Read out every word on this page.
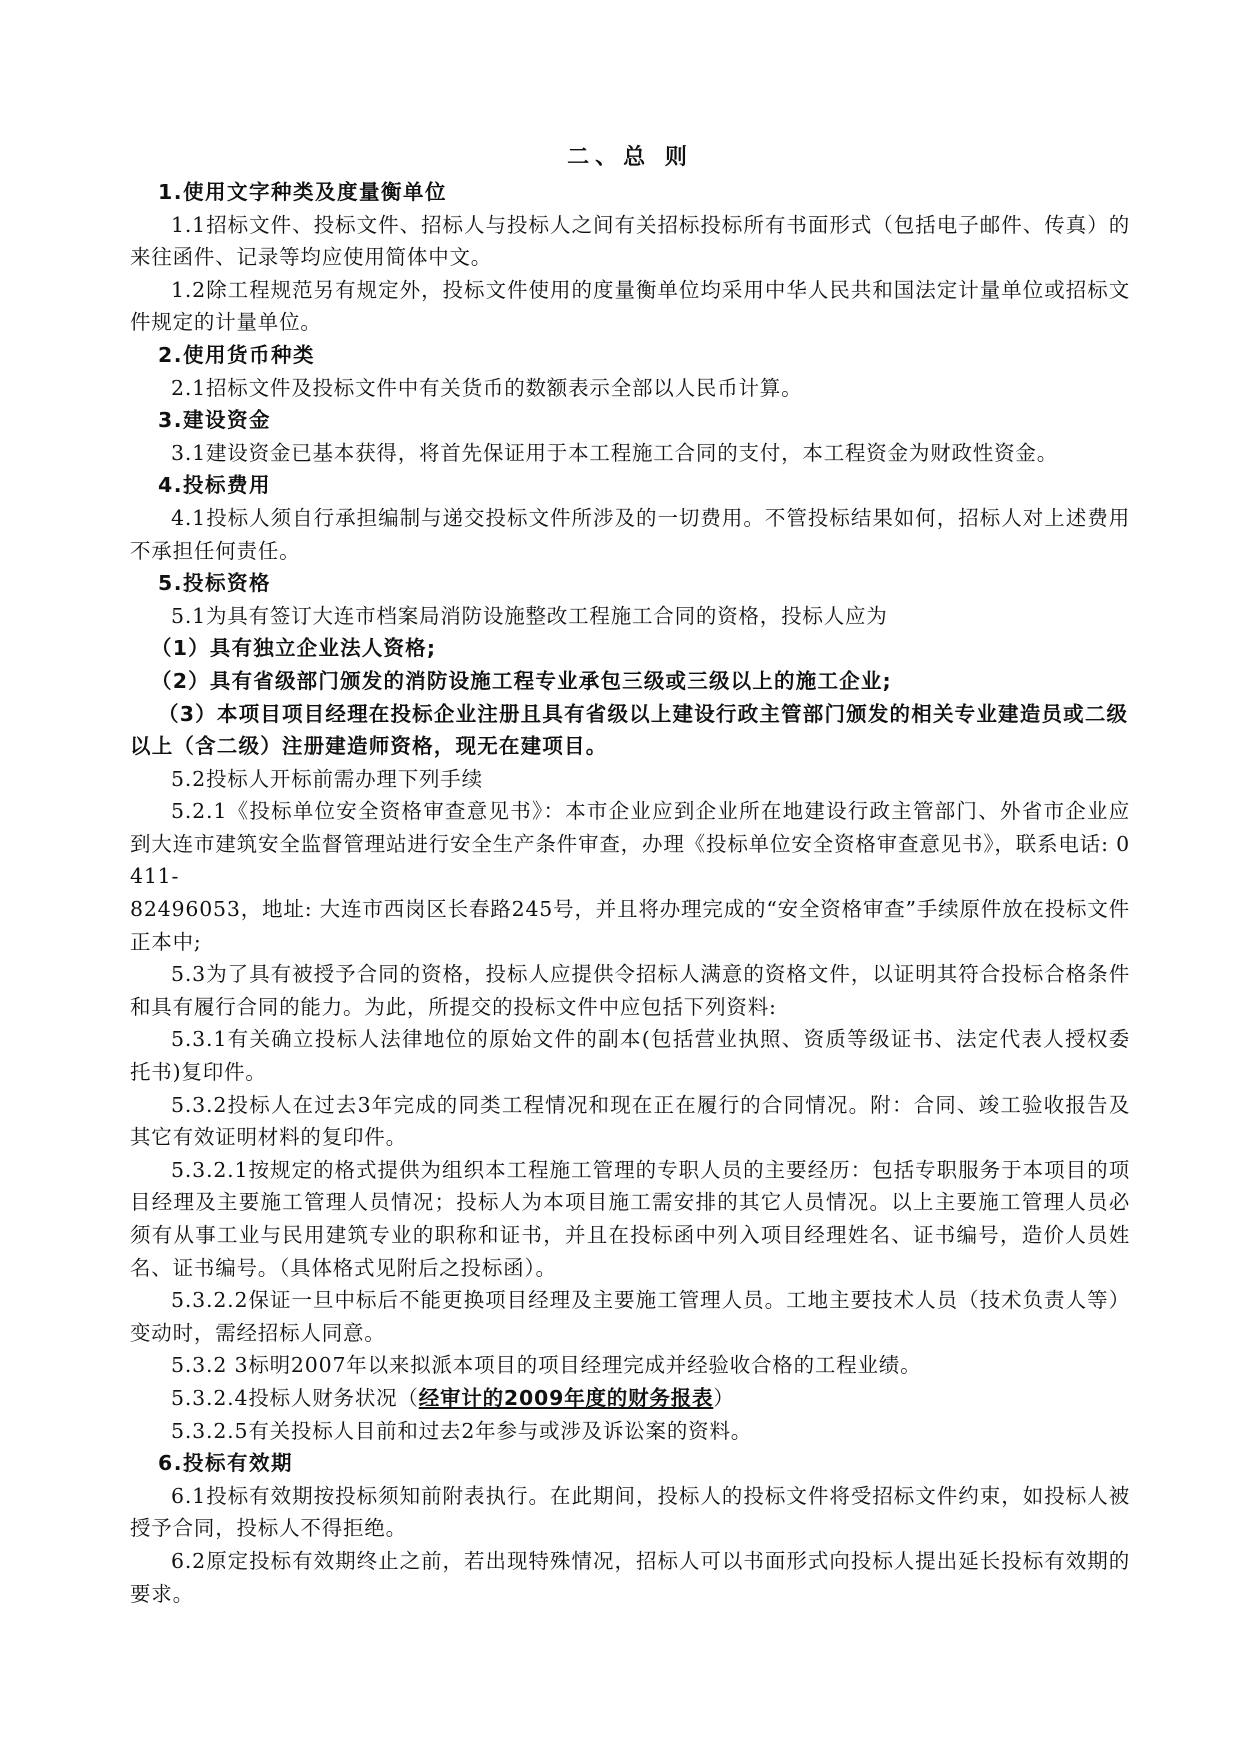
二、总 则

1.使用文字种类及度量衡单位

1.1招标文件、投标文件、招标人与投标人之间有关招标投标所有书面形式（包括电子邮件、传真）的来往函件、记录等均应使用简体中文。

1.2除工程规范另有规定外，投标文件使用的度量衡单位均采用中华人民共和国法定计量单位或招标文件规定的计量单位。

2.使用货币种类

2.1招标文件及投标文件中有关货币的数额表示全部以人民币计算。

3.建设资金

3.1建设资金已基本获得，将首先保证用于本工程施工合同的支付，本工程资金为财政性资金。

4.投标费用

4.1投标人须自行承担编制与递交投标文件所涉及的一切费用。不管投标结果如何，招标人对上述费用不承担任何责任。

5.投标资格

5.1为具有签订大连市档案局消防设施整改工程施工合同的资格，投标人应为

（1）具有独立企业法人资格;

（2）具有省级部门颁发的消防设施工程专业承包三级或三级以上的施工企业;

（3）本项目项目经理在投标企业注册且具有省级以上建设行政主管部门颁发的相关专业建造员或二级以上（含二级）注册建造师资格，现无在建项目。

5.2投标人开标前需办理下列手续

5.2.1《投标单位安全资格审查意见书》：本市企业应到企业所在地建设行政主管部门、外省市企业应到大连市建筑安全监督管理站进行安全生产条件审查，办理《投标单位安全资格审查意见书》，联系电话: 0411-

82496053，地址: 大连市西岗区长春路245号，并且将办理完成的“安全资格审查”手续原件放在投标文件正本中;

5.3为了具有被授予合同的资格，投标人应提供令招标人满意的资格文件，以证明其符合投标合格条件和具有履行合同的能力。为此，所提交的投标文件中应包括下列资料:

5.3.1有关确立投标人法律地位的原始文件的副本(包括营业执照、资质等级证书、法定代表人授权委托书)复印件。

5.3.2投标人在过去3年完成的同类工程情况和现在正在履行的合同情况。附：合同、竣工验收报告及其它有效证明材料的复印件。

5.3.2.1按规定的格式提供为组织本工程施工管理的专职人员的主要经历：包括专职服务于本项目的项目经理及主要施工管理人员情况；投标人为本项目施工需安排的其它人员情况。以上主要施工管理人员必须有从事工业与民用建筑专业的职称和证书，并且在投标函中列入项目经理姓名、证书编号，造价人员姓名、证书编号。（具体格式见附后之投标函）。

5.3.2.2保证一旦中标后不能更换项目经理及主要施工管理人员。工地主要技术人员（技术负责人等）变动时，需经招标人同意。

5.3.2 3标明2007年以来拟派本项目的项目经理完成并经验收合格的工程业绩。

5.3.2.4投标人财务状况（经审计的2009年度的财务报表）

5.3.2.5有关投标人目前和过去2年参与或涉及诉讼案的资料。

6.投标有效期

6.1投标有效期按投标须知前附表执行。在此期间，投标人的投标文件将受招标文件约束，如投标人被授予合同，投标人不得拒绝。

6.2原定投标有效期终止之前，若出现特殊情况，招标人可以书面形式向投标人提出延长投标有效期的要求。
